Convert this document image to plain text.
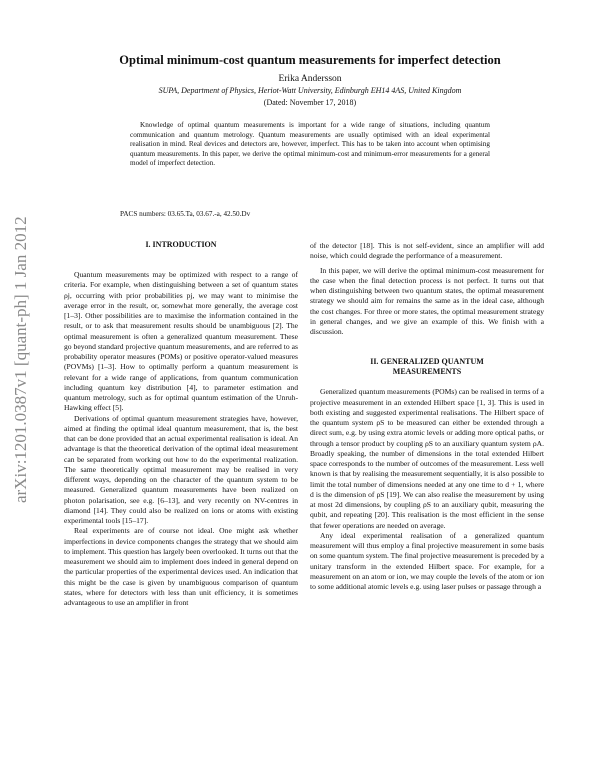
arXiv:1201.0387v1 [quant-ph] 1 Jan 2012
Optimal minimum-cost quantum measurements for imperfect detection
Erika Andersson
SUPA, Department of Physics, Heriot-Watt University, Edinburgh EH14 4AS, United Kingdom
(Dated: November 17, 2018)
Knowledge of optimal quantum measurements is important for a wide range of situations, including quantum communication and quantum metrology. Quantum measurements are usually optimised with an ideal experimental realisation in mind. Real devices and detectors are, however, imperfect. This has to be taken into account when optimising quantum measurements. In this paper, we derive the optimal minimum-cost and minimum-error measurements for a general model of imperfect detection.
PACS numbers: 03.65.Ta, 03.67.-a, 42.50.Dv
I. INTRODUCTION

Quantum measurements may be optimized with respect to a range of criteria. For example, when distinguishing between a set of quantum states ρj, occurring with prior probabilities pj, we may want to minimise the average error in the result, or, somewhat more generally, the average cost [1–3]. Other possibilities are to maximise the information contained in the result, or to ask that measurement results should be unambiguous [2]. The optimal measurement is often a generalized quantum measurement. These go beyond standard projective quantum measurements, and are referred to as probability operator measures (POMs) or positive operator-valued measures (POVMs) [1–3]. How to optimally perform a quantum measurement is relevant for a wide range of applications, from quantum communication including quantum key distribution [4], to parameter estimation and quantum metrology, such as for optimal quantum estimation of the Unruh-Hawking effect [5].

Derivations of optimal quantum measurement strategies have, however, aimed at finding the optimal ideal quantum measurement, that is, the best that can be done provided that an actual experimental realisation is ideal. An advantage is that the theoretical derivation of the optimal ideal measurement can be separated from working out how to do the experimental realization. The same theoretically optimal measurement may be realised in very different ways, depending on the character of the quantum system to be measured. Generalized quantum measurements have been realized on photon polarisation, see e.g. [6–13], and very recently on NV-centres in diamond [14]. They could also be realized on ions or atoms with existing experimental tools [15–17].

Real experiments are of course not ideal. One might ask whether imperfections in device components changes the strategy that we should aim to implement. This question has largely been overlooked. It turns out that the measurement we should aim to implement does indeed in general depend on the particular properties of the experimental devices used. An indication that this might be the case is given by unambiguous comparison of quantum states, where for detectors with less than unit efficiency, it is sometimes advantageous to use an amplifier in front

of the detector [18]. This is not self-evident, since an amplifier will add noise, which could degrade the performance of a measurement.

In this paper, we will derive the optimal minimum-cost measurement for the case when the final detection process is not perfect. It turns out that when distinguishing between two quantum states, the optimal measurement strategy we should aim for remains the same as in the ideal case, although the cost changes. For three or more states, the optimal measurement strategy in general changes, and we give an example of this. We finish with a discussion.

II. GENERALIZED QUANTUM
MEASUREMENTS

Generalized quantum measurements (POMs) can be realised in terms of a projective measurement in an extended Hilbert space [1, 3]. This is used in both existing and suggested experimental realisations. The Hilbert space of the quantum system ρS to be measured can either be extended through a direct sum, e.g. by using extra atomic levels or adding more optical paths, or through a tensor product by coupling ρS to an auxiliary quantum system ρA. Broadly speaking, the number of dimensions in the total extended Hilbert space corresponds to the number of outcomes of the measurement. Less well known is that by realising the measurement sequentially, it is also possible to limit the total number of dimensions needed at any one time to d + 1, where d is the dimension of ρS [19]. We can also realise the measurement by using at most 2d dimensions, by coupling ρS to an auxiliary qubit, measuring the qubit, and repeating [20]. This realisation is the most efficient in the sense that fewer operations are needed on average.

Any ideal experimental realisation of a generalized quantum measurement will thus employ a final projective measurement in some basis on some quantum system. The final projective measurement is preceded by a unitary transform in the extended Hilbert space. For example, for a measurement on an atom or ion, we may couple the levels of the atom or ion to some additional atomic levels e.g. using laser pulses or passage through a
